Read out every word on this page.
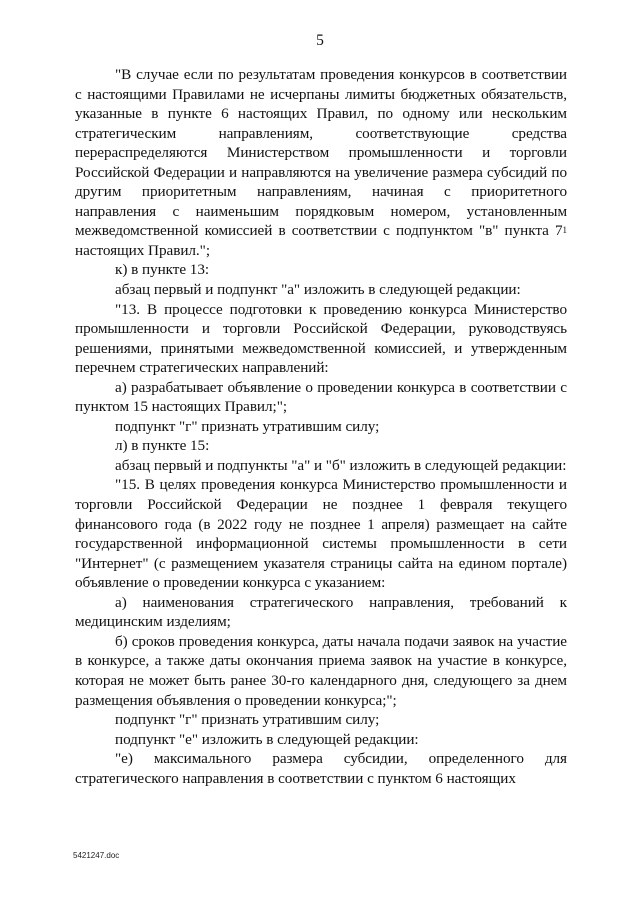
5

"В случае если по результатам проведения конкурсов в соответствии с настоящими Правилами не исчерпаны лимиты бюджетных обязательств, указанные в пункте 6 настоящих Правил, по одному или нескольким стратегическим направлениям, соответствующие средства перераспределяются Министерством промышленности и торговли Российской Федерации и направляются на увеличение размера субсидий по другим приоритетным направлениям, начиная с приоритетного направления с наименьшим порядковым номером, установленным межведомственной комиссией в соответствии с подпунктом "в" пункта $7^1$ настоящих Правил.";

к) в пункте 13:

абзац первый и подпункт "а" изложить в следующей редакции:

"13. В процессе подготовки к проведению конкурса Министерство промышленности и торговли Российской Федерации, руководствуясь решениями, принятыми межведомственной комиссией, и утвержденным перечнем стратегических направлений:

а) разрабатывает объявление о проведении конкурса в соответствии с пунктом 15 настоящих Правил;";

подпункт "г" признать утратившим силу;

л) в пункте 15:

абзац первый и подпункты "а" и "б" изложить в следующей редакции:

"15. В целях проведения конкурса Министерство промышленности и торговли Российской Федерации не позднее 1 февраля текущего финансового года (в 2022 году не позднее 1 апреля) размещает на сайте государственной информационной системы промышленности в сети "Интернет" (с размещением указателя страницы сайта на едином портале) объявление о проведении конкурса с указанием:

а) наименования стратегического направления, требований к медицинским изделиям;

б) сроков проведения конкурса, даты начала подачи заявок на участие в конкурсе, а также даты окончания приема заявок на участие в конкурсе, которая не может быть ранее 30-го календарного дня, следующего за днем размещения объявления о проведении конкурса;";

подпункт "г" признать утратившим силу;

подпункт "е" изложить в следующей редакции:

"е) максимального размера субсидии, определенного для стратегического направления в соответствии с пунктом 6 настоящих

5421247.doc
